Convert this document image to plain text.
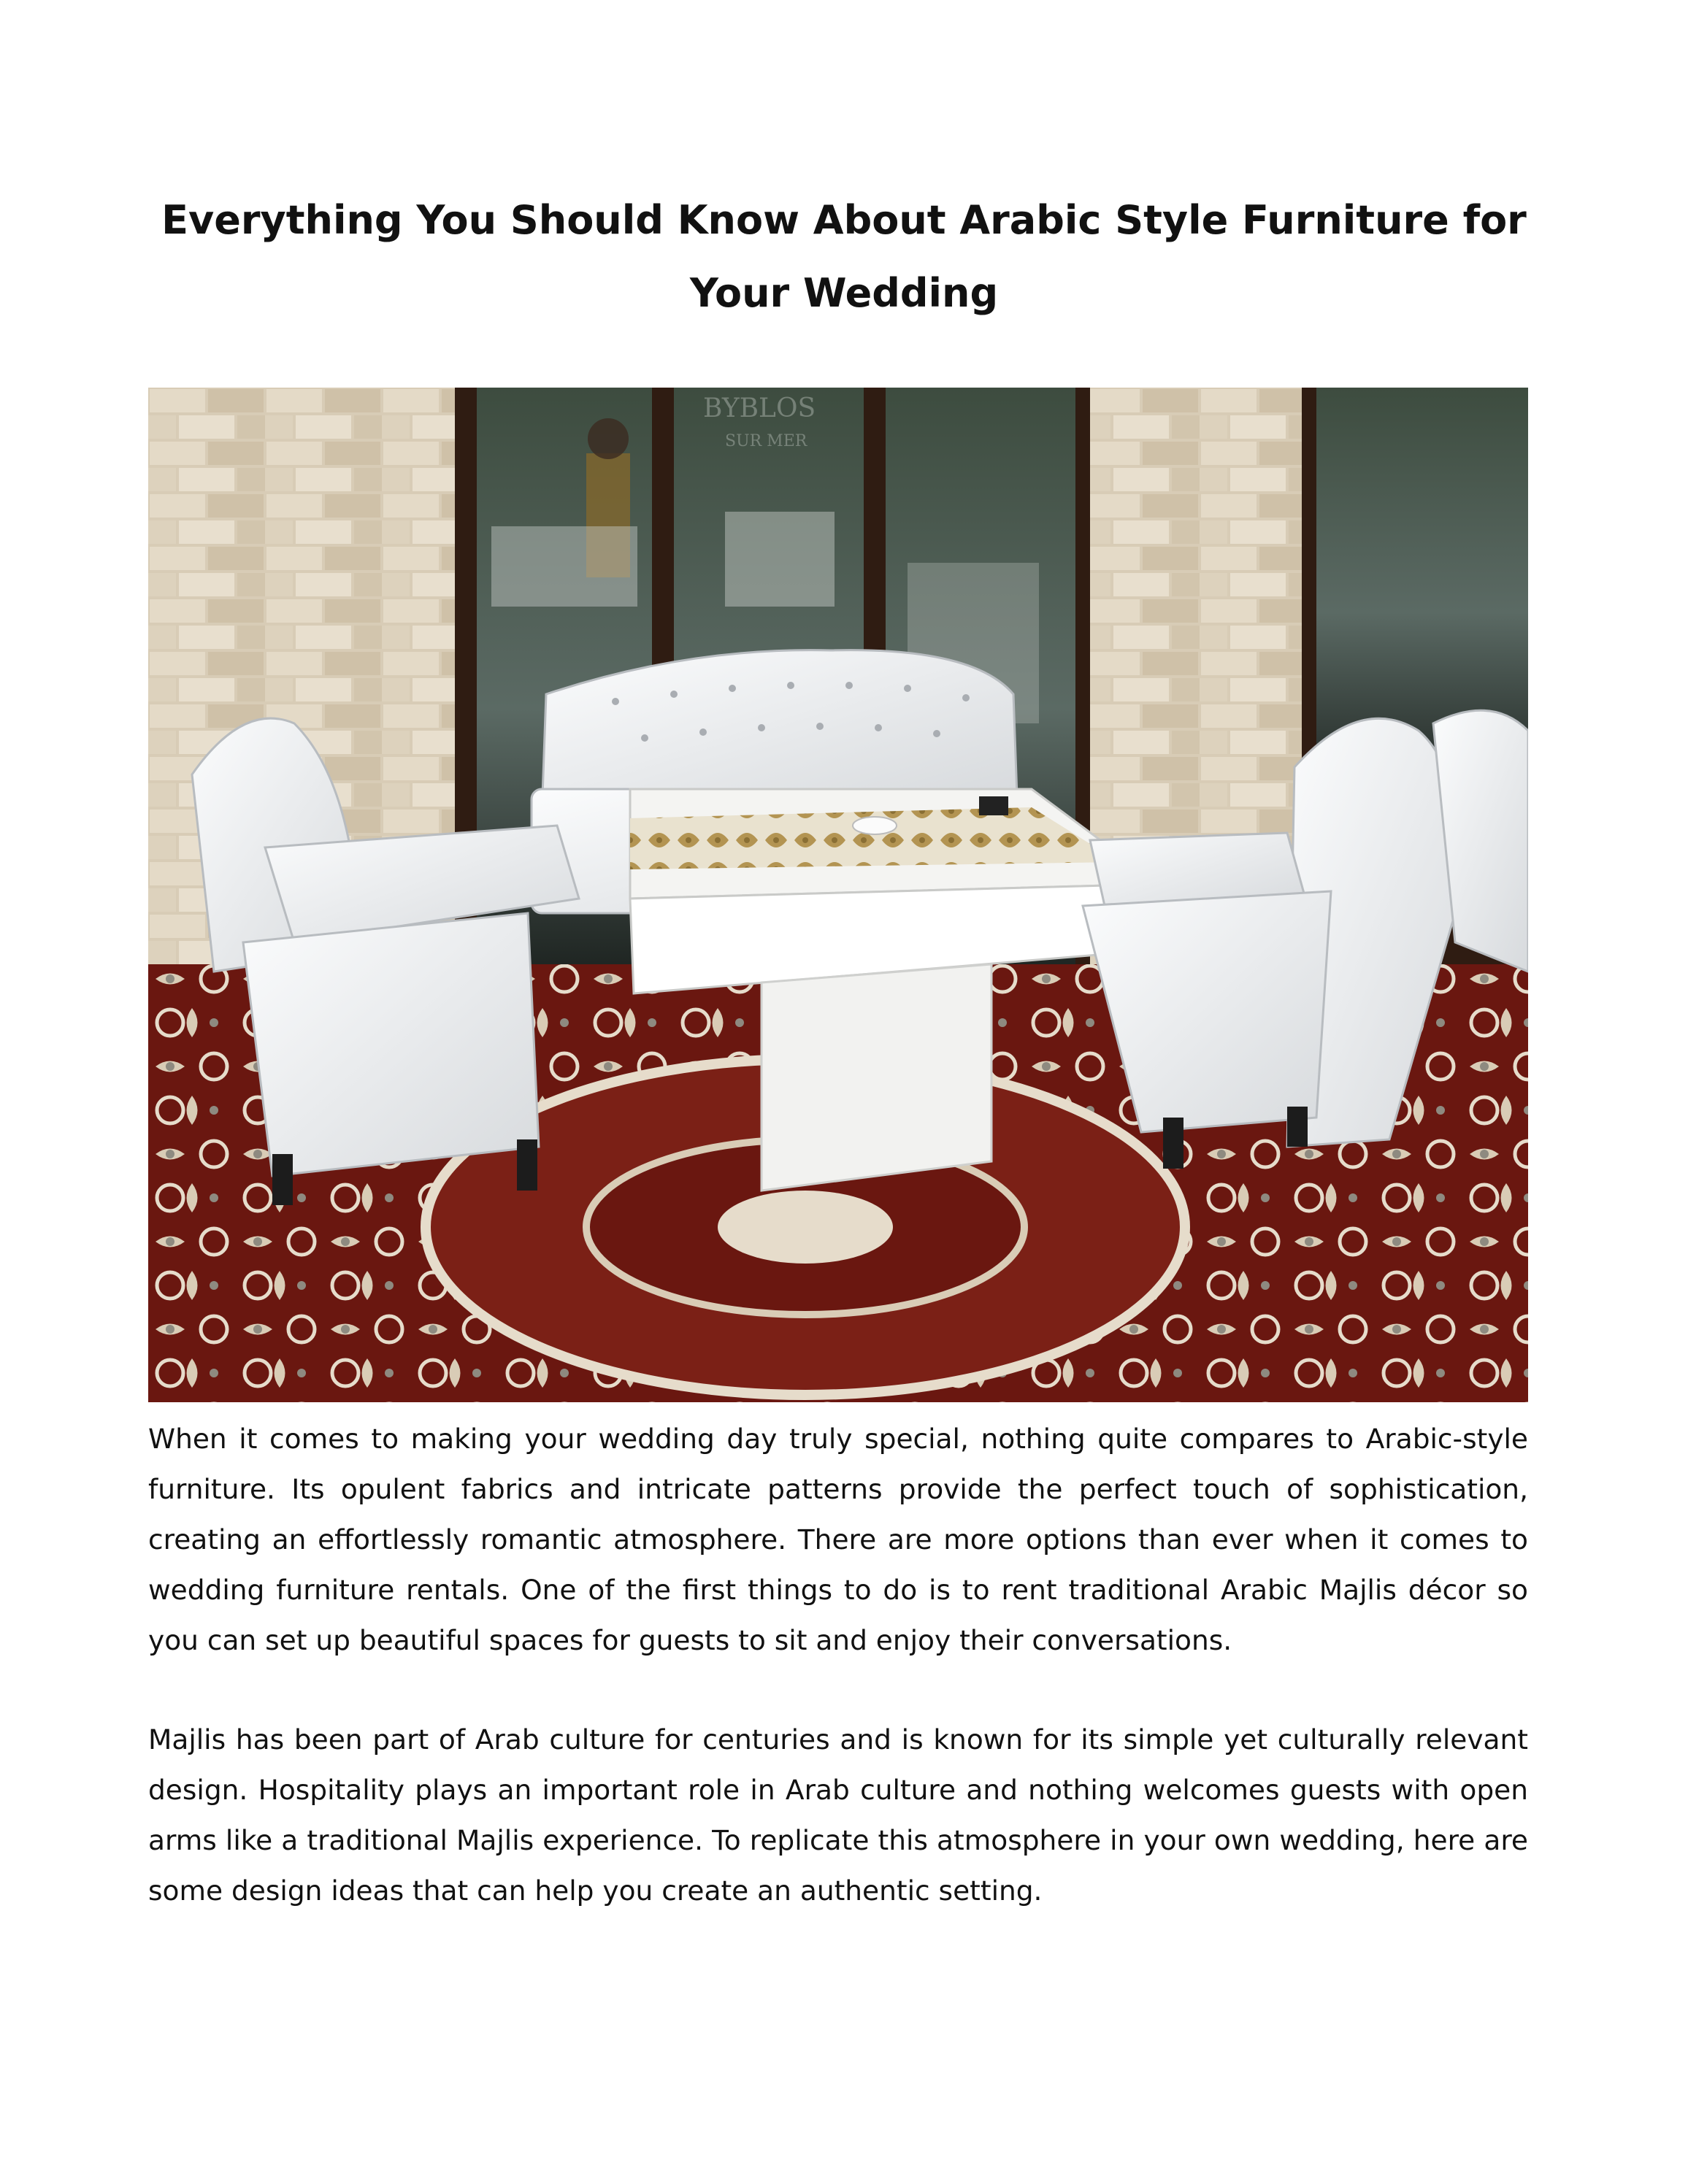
Everything You Should Know About Arabic Style Furniture for Your Wedding
BYBLOS
SUR MER

When it comes to making your wedding day truly special, nothing quite compares to Arabic-style furniture. Its opulent fabrics and intricate patterns provide the perfect touch of sophistication, creating an effortlessly romantic atmosphere. There are more options than ever when it comes to wedding furniture rentals. One of the first things to do is to rent traditional Arabic Majlis décor so you can set up beautiful spaces for guests to sit and enjoy their conversations.

Majlis has been part of Arab culture for centuries and is known for its simple yet culturally relevant design. Hospitality plays an important role in Arab culture and nothing welcomes guests with open arms like a traditional Majlis experience. To replicate this atmosphere in your own wedding, here are some design ideas that can help you create an authentic setting.
